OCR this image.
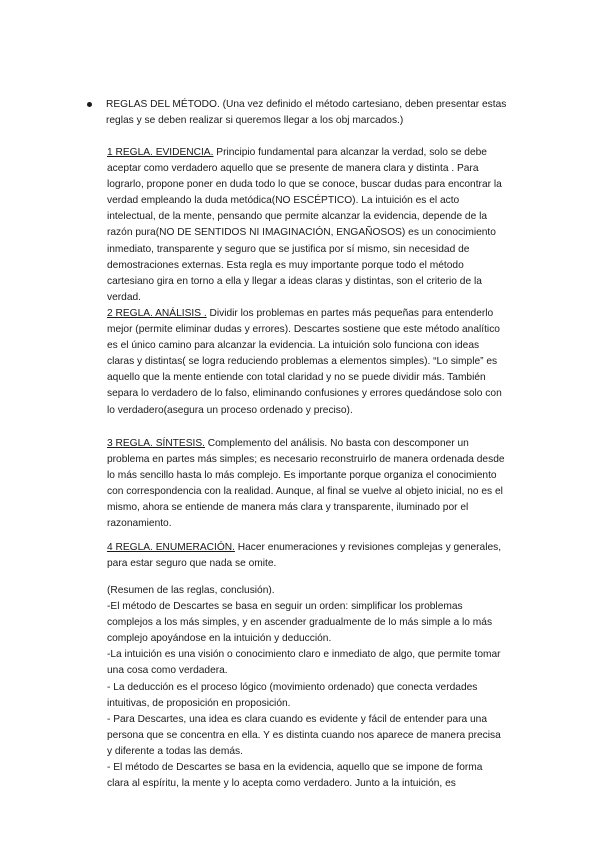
REGLAS DEL MÉTODO. (Una vez definido el método cartesiano, deben presentar estas reglas y se deben realizar si queremos llegar a los obj marcados.)

1 REGLA. EVIDENCIA. Principio fundamental para alcanzar la verdad, solo se debe aceptar como verdadero aquello que se presente de manera clara y distinta . Para lograrlo, propone poner en duda todo lo que se conoce, buscar dudas para encontrar la verdad empleando la duda metódica(NO ESCÉPTICO). La intuición es el acto intelectual, de la mente, pensando que permite alcanzar la evidencia, depende de la razón pura(NO DE SENTIDOS NI IMAGINACIÓN, ENGAÑOSOS) es un conocimiento inmediato, transparente y seguro que se justifica por sí mismo, sin necesidad de demostraciones externas. Esta regla es muy importante porque todo el método cartesiano gira en torno a ella y llegar a ideas claras y distintas, son el criterio de la verdad.

2 REGLA. ANÁLISIS . Dividir los problemas en partes más pequeñas para entenderlo mejor (permite eliminar dudas y errores). Descartes sostiene que este método analítico es el único camino para alcanzar la evidencia. La intuición solo funciona con ideas claras y distintas( se logra reduciendo problemas a elementos simples). “Lo simple” es aquello que la mente entiende con total claridad y no se puede dividir más. También separa lo verdadero de lo falso, eliminando confusiones y errores quedándose solo con lo verdadero(asegura un proceso ordenado y preciso).

3 REGLA. SÍNTESIS. Complemento del análisis. No basta con descomponer un problema en partes más simples; es necesario reconstruirlo de manera ordenada desde lo más sencillo hasta lo más complejo. Es importante porque organiza el conocimiento con correspondencia con la realidad. Aunque, al final se vuelve al objeto inicial, no es el mismo, ahora se entiende de manera más clara y transparente, iluminado por el razonamiento.

4 REGLA. ENUMERACIÓN. Hacer enumeraciones y revisiones complejas y generales, para estar seguro que nada se omite.

(Resumen de las reglas, conclusión).

-El método de Descartes se basa en seguir un orden: simplificar los problemas complejos a los más simples, y en ascender gradualmente de lo más simple a lo más complejo apoyándose en la intuición y deducción.

-La intuición es una visión o conocimiento claro e inmediato de algo, que permite tomar una cosa como verdadera.

- La deducción es el proceso lógico (movimiento ordenado) que conecta verdades intuitivas, de proposición en proposición.

- Para Descartes, una idea es clara cuando es evidente y fácil de entender para una persona que se concentra en ella. Y es distinta cuando nos aparece de manera precisa y diferente a todas las demás.

- El método de Descartes se basa en la evidencia, aquello que se impone de forma clara al espíritu, la mente y lo acepta como verdadero. Junto a la intuición, es
